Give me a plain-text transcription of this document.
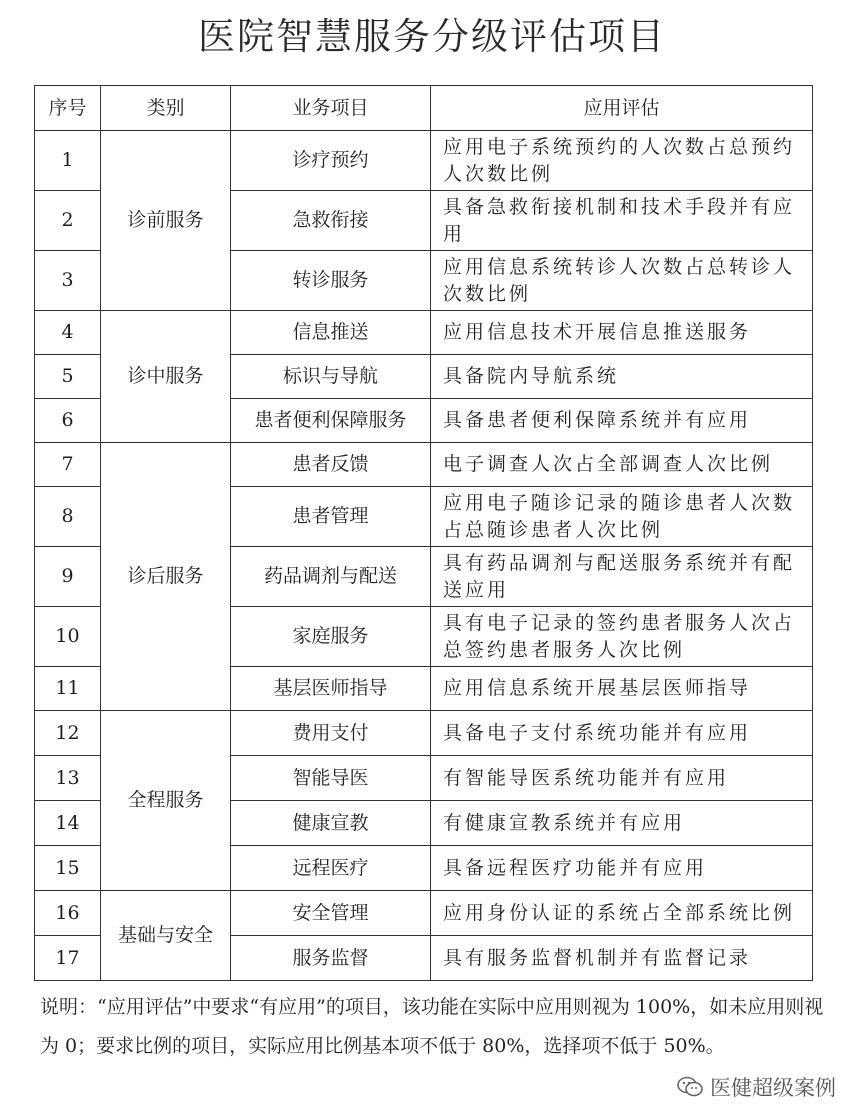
医院智慧服务分级评估项目
序号	类别	业务项目	应用评估
1	诊前服务	诊疗预约	应用电子系统预约的人次数占总预约人次数比例
2		急救衔接	具备急救衔接机制和技术手段并有应用
3		转诊服务	应用信息系统转诊人次数占总转诊人次数比例
4	诊中服务	信息推送	应用信息技术开展信息推送服务
5		标识与导航	具备院内导航系统
6		患者便利保障服务	具备患者便利保障系统并有应用
7	诊后服务	患者反馈	电子调查人次占全部调查人次比例
8		患者管理	应用电子随诊记录的随诊患者人次数占总随诊患者人次比例
9		药品调剂与配送	具有药品调剂与配送服务系统并有配送应用
10		家庭服务	具有电子记录的签约患者服务人次占总签约患者服务人次比例
11		基层医师指导	应用信息系统开展基层医师指导
12	全程服务	费用支付	具备电子支付系统功能并有应用
13		智能导医	有智能导医系统功能并有应用
14		健康宣教	有健康宣教系统并有应用
15		远程医疗	具备远程医疗功能并有应用
16	基础与安全	安全管理	应用身份认证的系统占全部系统比例
17		服务监督	具有服务监督机制并有监督记录
说明：“应用评估”中要求“有应用”的项目，该功能在实际中应用则视为 100%，如未应用则视为 0；要求比例的项目，实际应用比例基本项不低于 80%，选择项不低于 50%。
医健超级案例
